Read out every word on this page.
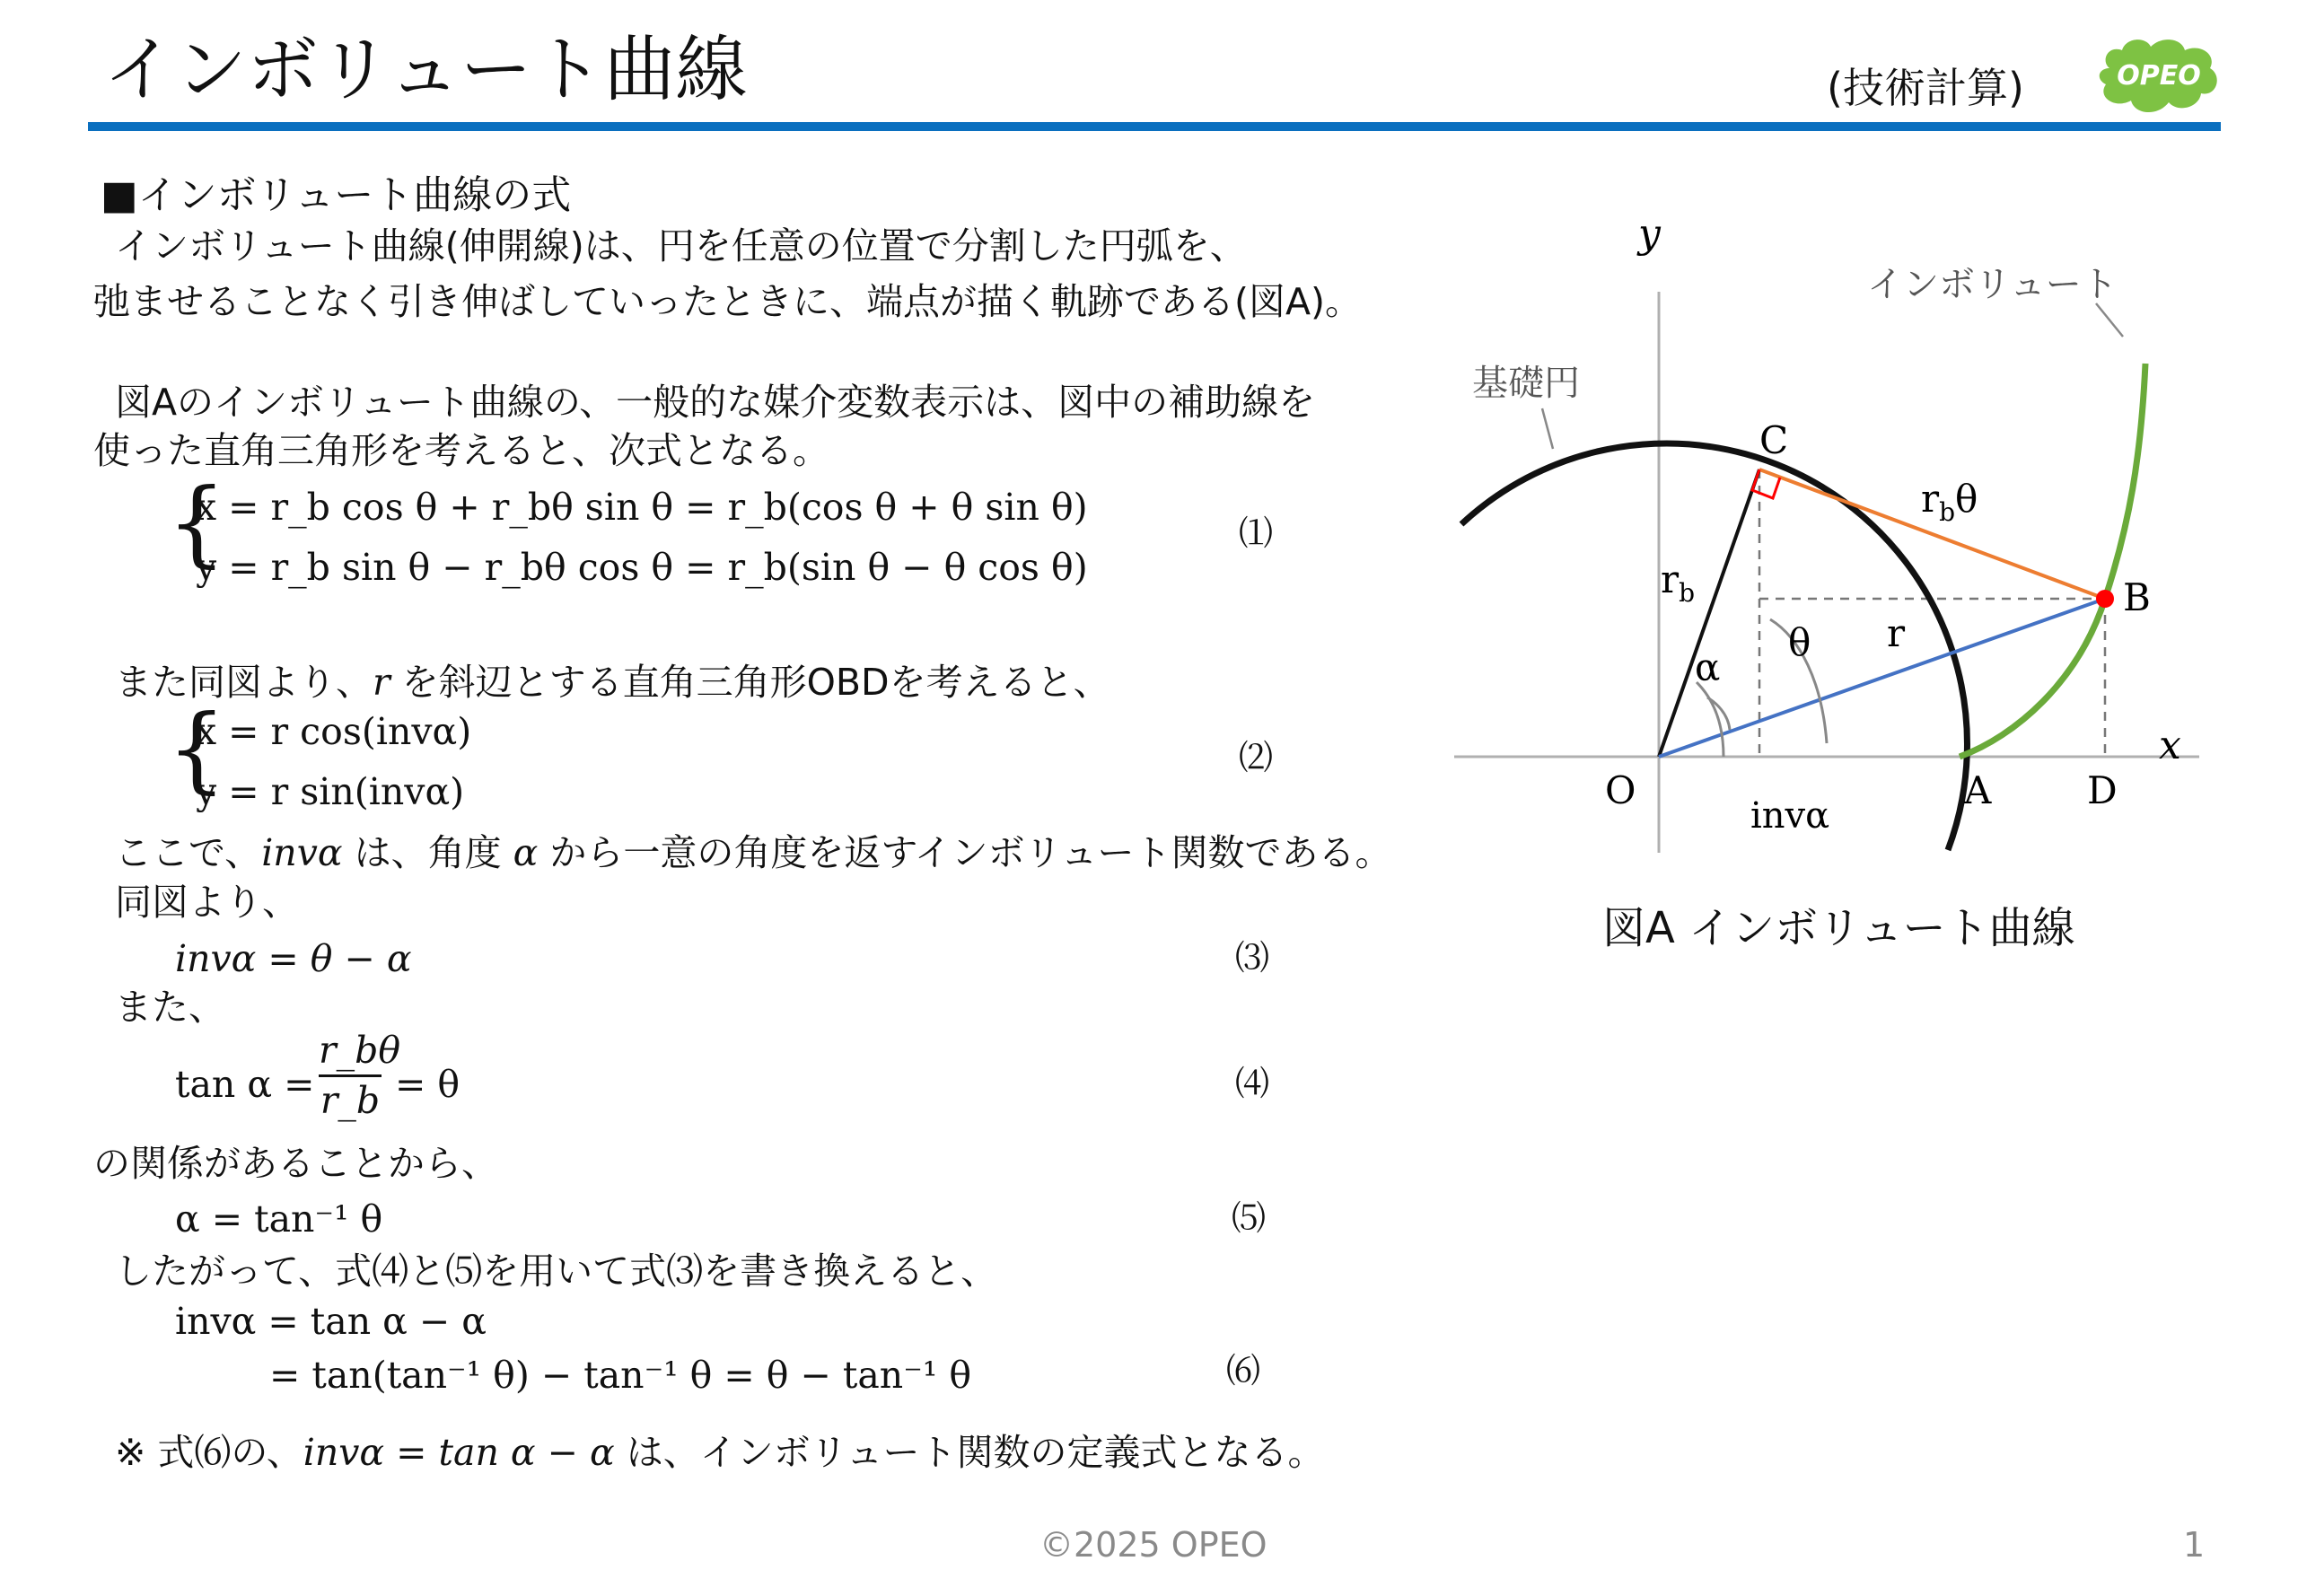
インボリュート曲線	(技術計算)	OPEO
■インボリュート曲線の式
インボリュート曲線(伸開線)は、円を任意の位置で分割した円弧を、
弛ませることなく引き伸ばしていったときに、端点が描く軌跡である(図A)。
図Aのインボリュート曲線の、一般的な媒介変数表示は、図中の補助線を
使った直角三角形を考えると、次式となる。
{
x = r_b cos θ + r_bθ sin θ = r_b(cos θ + θ sin θ)
y = r_b sin θ − r_bθ cos θ = r_b(sin θ − θ cos θ)
⑴
また同図より、r を斜辺とする直角三角形OBDを考えると、
{
x = r cos(invα)
y = r sin(invα)
⑵
ここで、invα は、角度 α から一意の角度を返すインボリュート関数である。
同図より、
invα = θ − α	⑶
また、
tan α =
r_bθ
r_b = θ	⑷
の関係があることから、
α = tan⁻¹ θ	⑸
したがって、式⑷と⑸を用いて式⑶を書き換えると、
invα = tan α − α
= tan(tan⁻¹ θ) − tan⁻¹ θ = θ − tan⁻¹ θ	⑹
※ 式⑹の、invα = tan α − α は、インボリュート関数の定義式となる。
y
x
インボリュート
基礎円
O	A
B
C
D
$r_b$
$r_b\theta$
r
θ
α
invα
図A インボリュート曲線
©2025 OPEO	1
